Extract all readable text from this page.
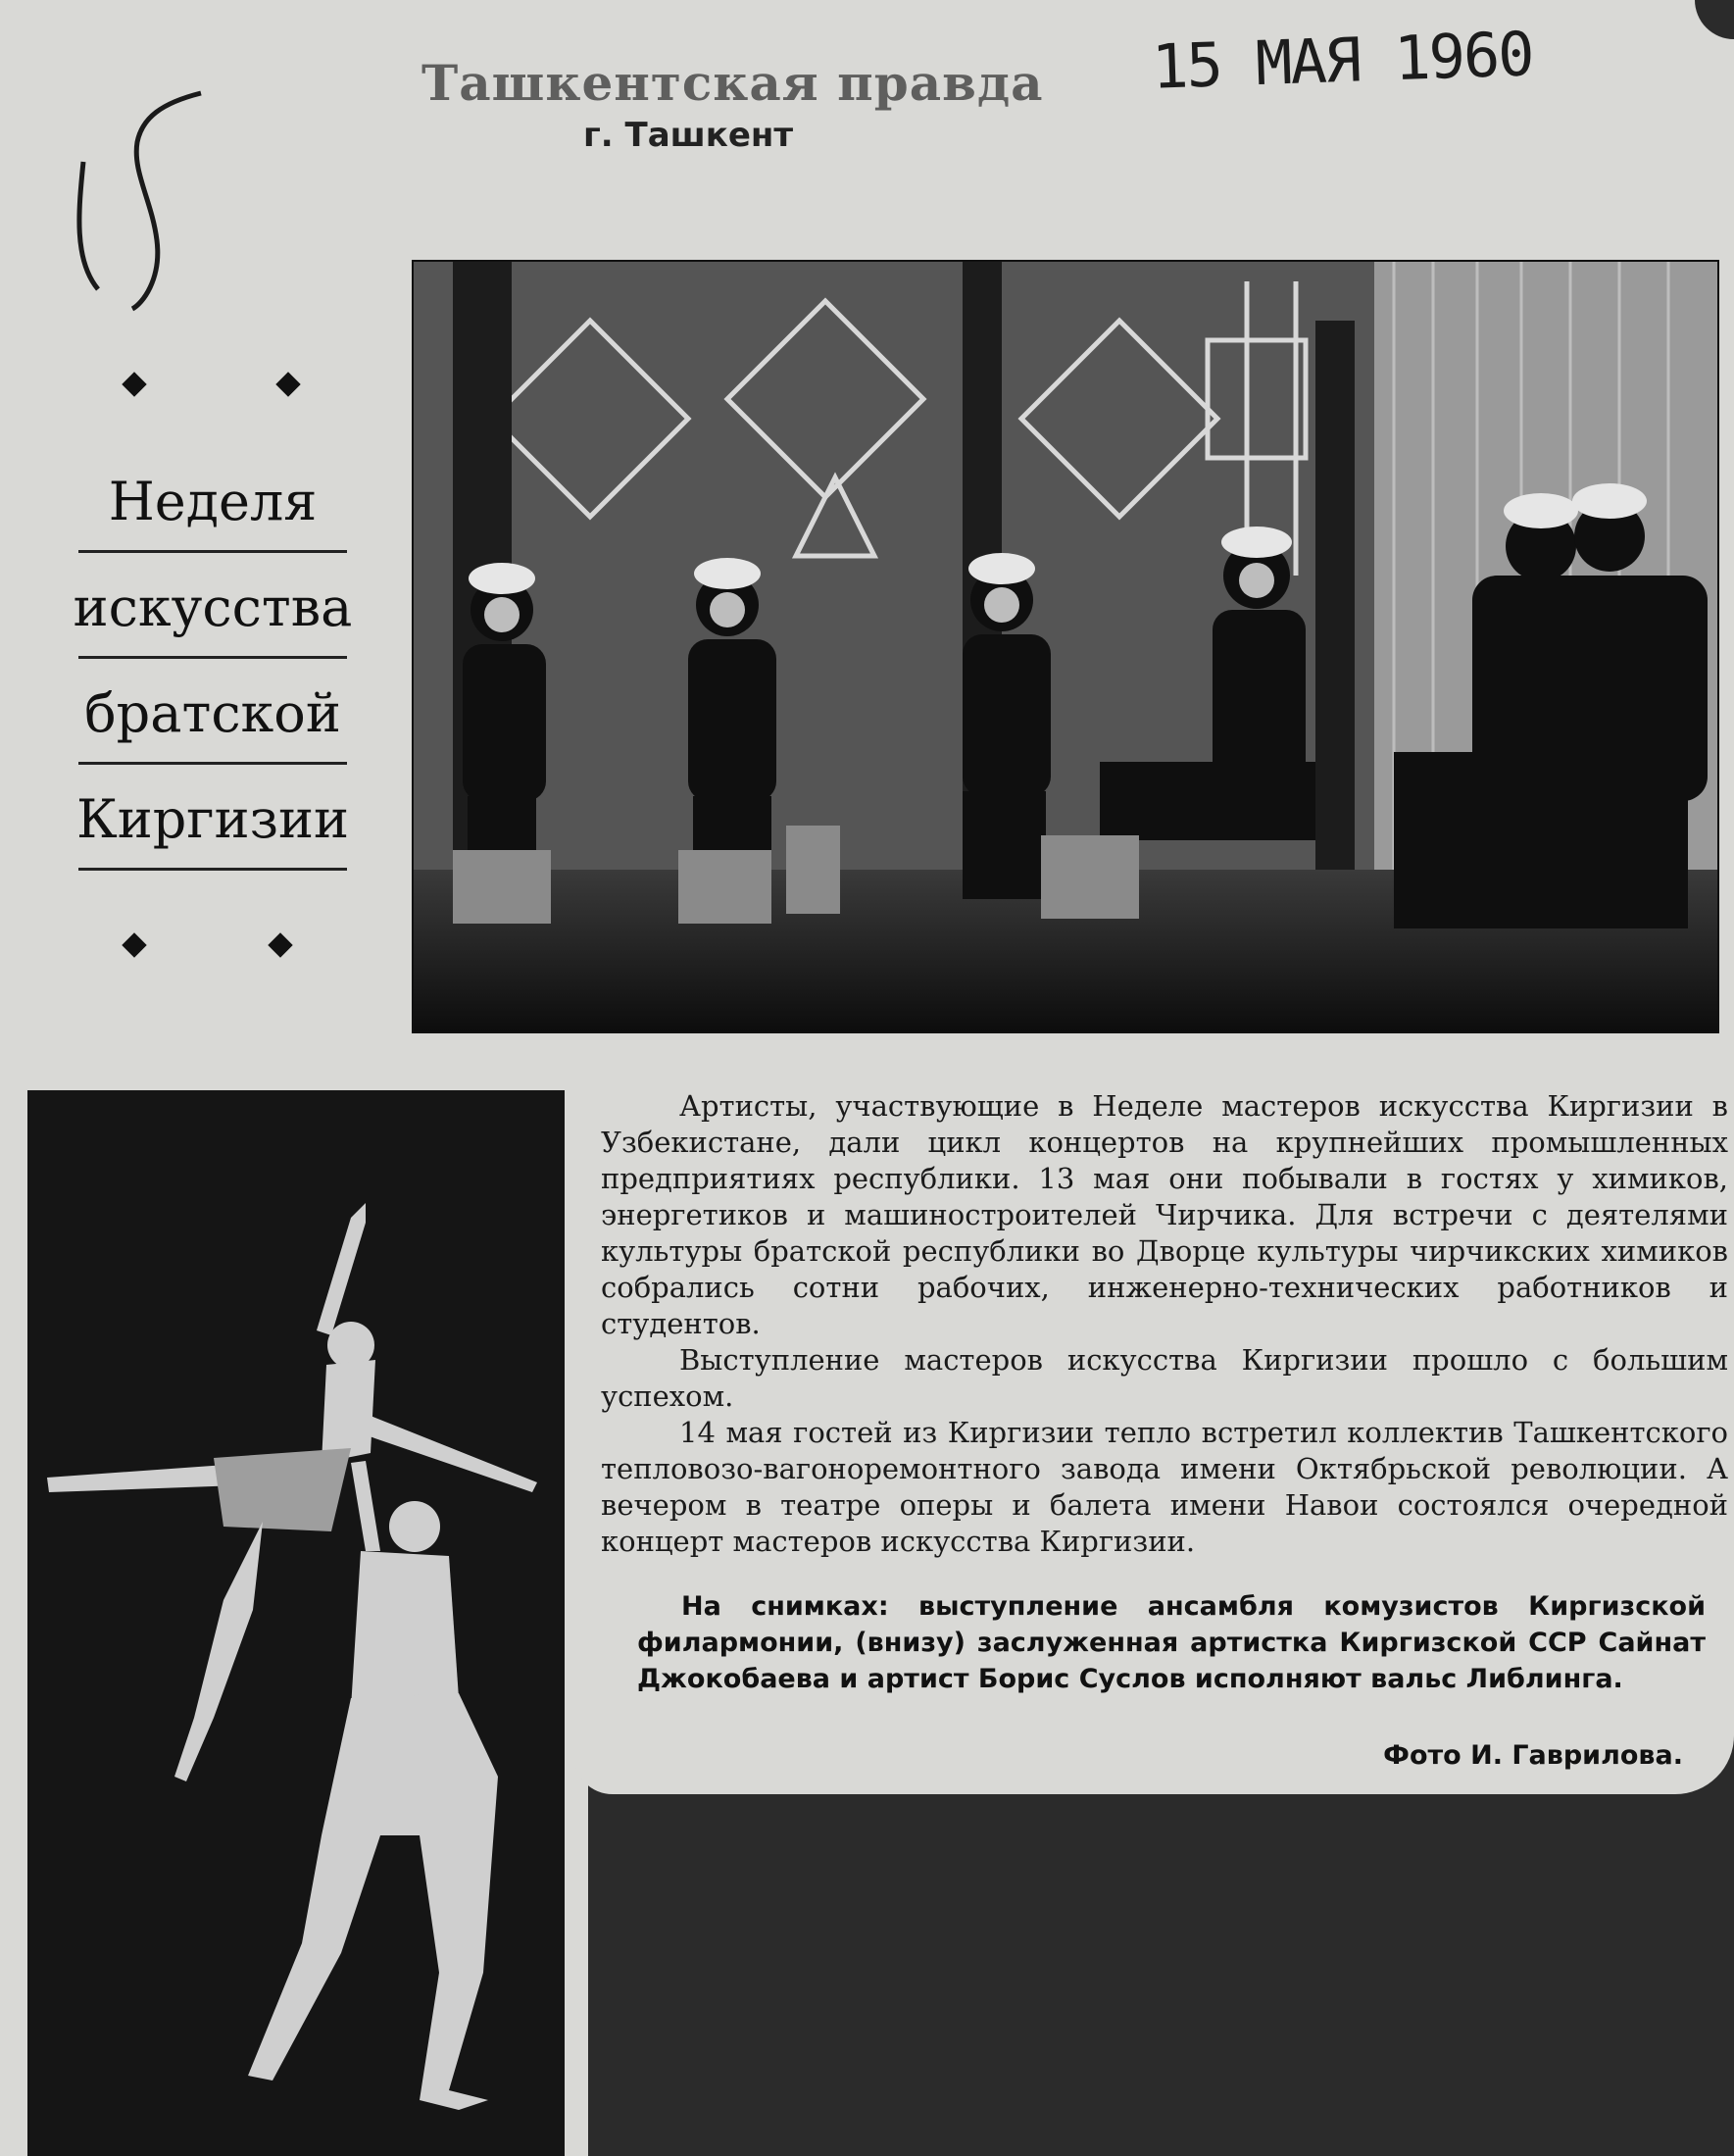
Ташкентская правда
г. Ташкент
15 МАЯ 1960
Неделя
искусства
братской
Киргизии

Артисты, участвующие в Неделе мастеров искусства Киргизии в Узбекистане, дали цикл концертов на крупнейших промышленных предприятиях республики. 13 мая они побывали в гостях у химиков, энергетиков и машиностроителей Чирчика. Для встречи с деятелями культуры братской республики во Дворце культуры чирчикских химиков собрались сотни рабочих, инженерно-технических работников и студентов.

Выступление мастеров искусства Киргизии прошло с большим успехом.

14 мая гостей из Киргизии тепло встретил коллектив Ташкентского тепловозо-вагоноремонтного завода имени Октябрьской революции. А вечером в театре оперы и балета имени Навои состоялся очередной концерт мастеров искусства Киргизии.

На снимках: выступление ансамбля комузистов Киргизской филармонии, (внизу) заслуженная артистка Киргизской ССР Сайнат Джокобаева и артист Борис Суслов исполняют вальс Либлинга.
Фото И. Гаврилова.
